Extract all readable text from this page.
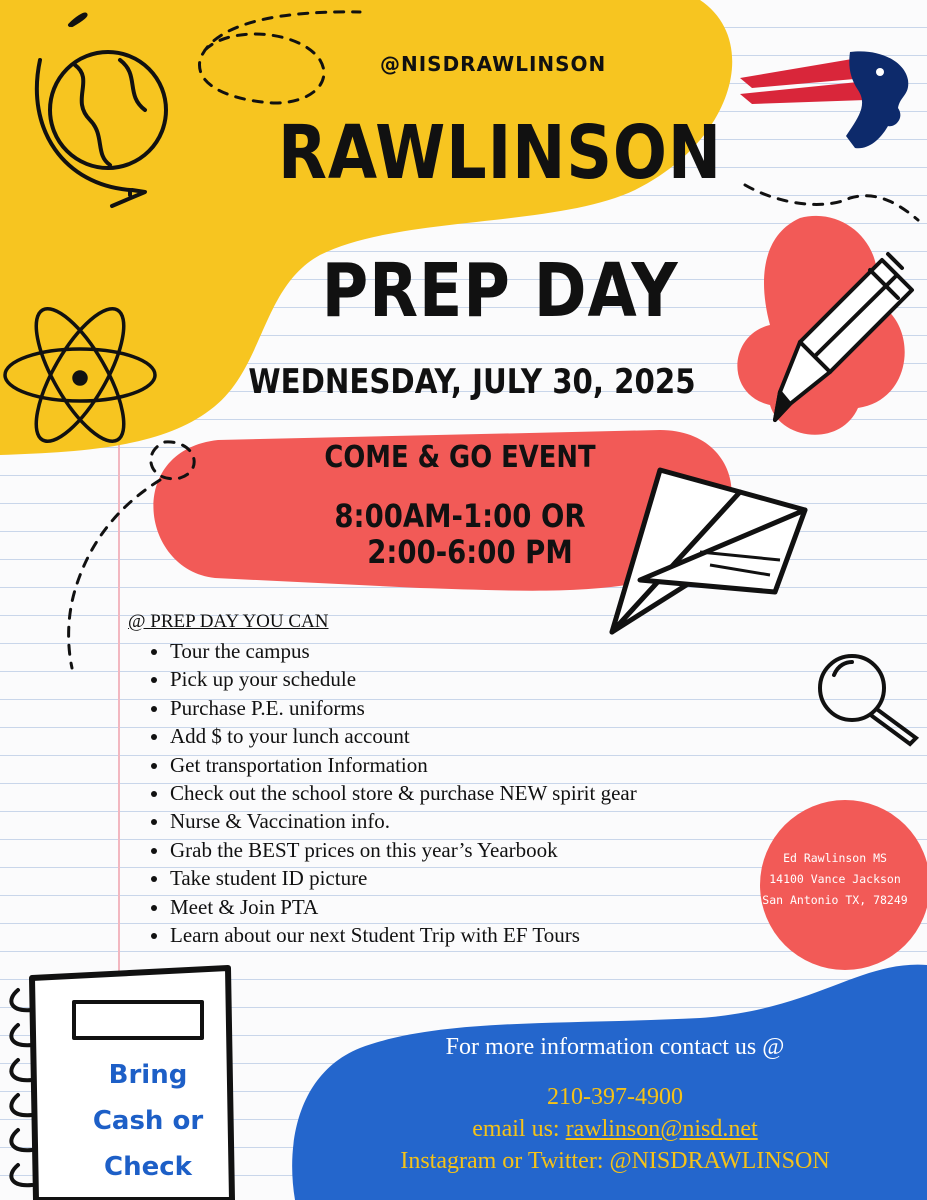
@NISDRAWLINSON
RAWLINSON
PREP DAY
WEDNESDAY, JULY 30, 2025
COME & GO EVENT
8:00AM-1:00 OR
2:00-6:00 PM
@ PREP DAY YOU CAN
• Tour the campus
• Pick up your schedule
• Purchase P.E. uniforms
• Add $ to your lunch account
• Get transportation Information
• Check out the school store & purchase NEW spirit gear
• Nurse & Vaccination info.
• Grab the BEST prices on this year’s Yearbook
• Take student ID picture
• Meet & Join PTA
• Learn about our next Student Trip with EF Tours
Ed Rawlinson MS
14100 Vance Jackson
San Antonio TX, 78249
For more information contact us @
210-397-4900
email us: rawlinson@nisd.net
Instagram or Twitter: @NISDRAWLINSON
Bring
Cash or
Check
